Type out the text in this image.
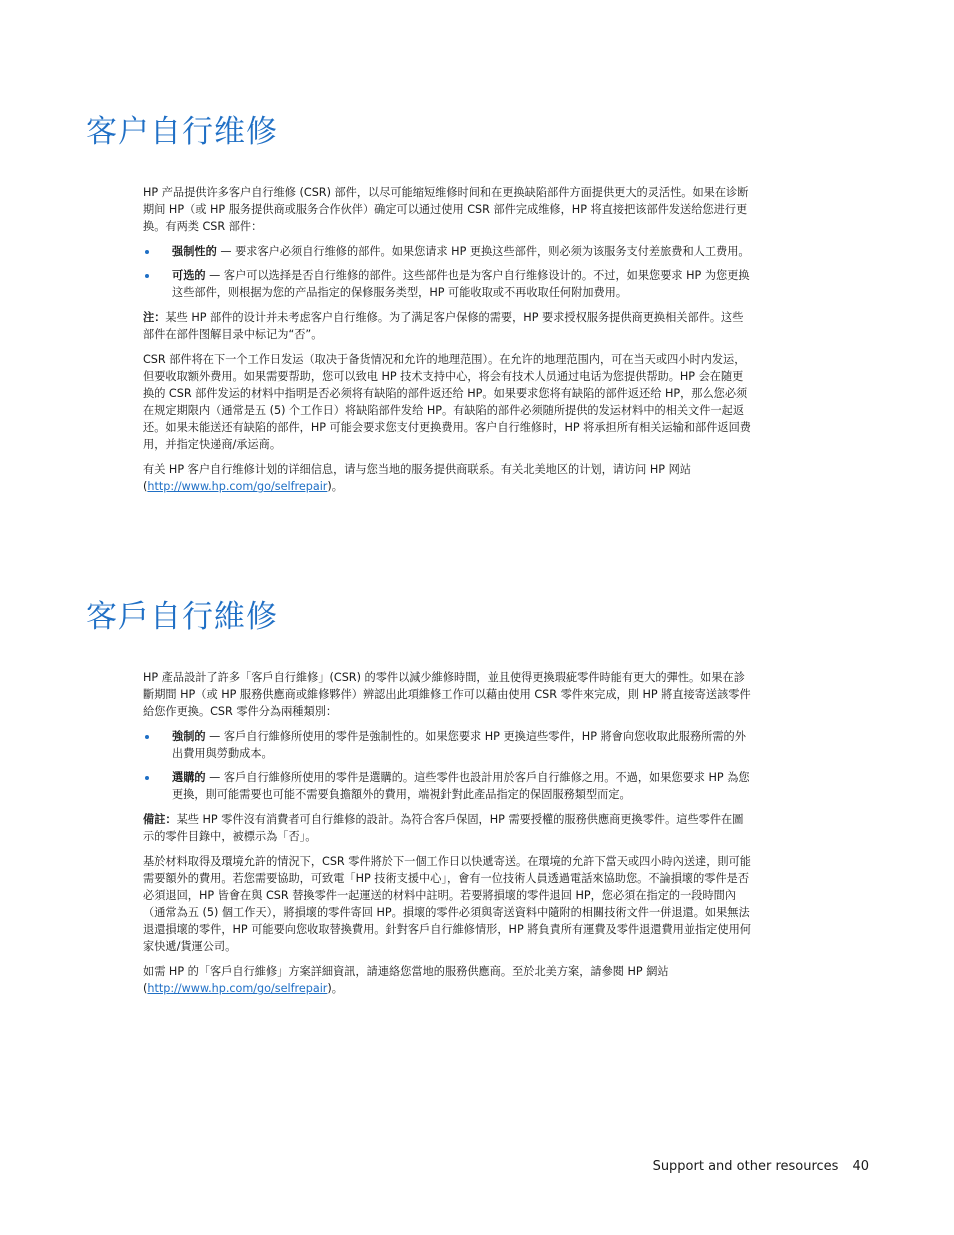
客户自行维修

HP 产品提供许多客户自行维修 (CSR) 部件，以尽可能缩短维修时间和在更换缺陷部件方面提供更大的灵活性。如果在诊断期间 HP（或 HP 服务提供商或服务合作伙伴）确定可以通过使用 CSR 部件完成维修，HP 将直接把该部件发送给您进行更换。有两类 CSR 部件：

强制性的 — 要求客户必须自行维修的部件。如果您请求 HP 更换这些部件，则必须为该服务支付差旅费和人工费用。
可选的 — 客户可以选择是否自行维修的部件。这些部件也是为客户自行维修设计的。不过，如果您要求 HP 为您更换这些部件，则根据为您的产品指定的保修服务类型，HP 可能收取或不再收取任何附加费用。

注：某些 HP 部件的设计并未考虑客户自行维修。为了满足客户保修的需要，HP 要求授权服务提供商更换相关部件。这些部件在部件图解目录中标记为“否”。

CSR 部件将在下一个工作日发运（取决于备货情况和允许的地理范围）。在允许的地理范围内，可在当天或四小时内发运，但要收取额外费用。如果需要帮助，您可以致电 HP 技术支持中心，将会有技术人员通过电话为您提供帮助。HP 会在随更换的 CSR 部件发运的材料中指明是否必须将有缺陷的部件返还给 HP。如果要求您将有缺陷的部件返还给 HP，那么您必须在规定期限内（通常是五 (5) 个工作日）将缺陷部件发给 HP。有缺陷的部件必须随所提供的发运材料中的相关文件一起返还。如果未能送还有缺陷的部件，HP 可能会要求您支付更换费用。客户自行维修时，HP 将承担所有相关运输和部件返回费用，并指定快递商/承运商。

有关 HP 客户自行维修计划的详细信息，请与您当地的服务提供商联系。有关北美地区的计划，请访问 HP 网站 (http://www.hp.com/go/selfrepair)。

客戶自行維修

HP 產品設計了許多「客戶自行維修」(CSR) 的零件以減少維修時間，並且使得更換瑕疵零件時能有更大的彈性。如果在診斷期間 HP（或 HP 服務供應商或維修夥伴）辨認出此項維修工作可以藉由使用 CSR 零件來完成，則 HP 將直接寄送該零件給您作更換。CSR 零件分為兩種類別：

強制的 — 客戶自行維修所使用的零件是強制性的。如果您要求 HP 更換這些零件，HP 將會向您收取此服務所需的外出費用與勞動成本。
選購的 — 客戶自行維修所使用的零件是選購的。這些零件也設計用於客戶自行維修之用。不過，如果您要求 HP 為您更換，則可能需要也可能不需要負擔額外的費用，端視針對此產品指定的保固服務類型而定。

備註：某些 HP 零件沒有消費者可自行維修的設計。為符合客戶保固，HP 需要授權的服務供應商更換零件。這些零件在圖示的零件目錄中，被標示為「否」。

基於材料取得及環境允許的情況下，CSR 零件將於下一個工作日以快遞寄送。在環境的允許下當天或四小時內送達，則可能需要額外的費用。若您需要協助，可致電「HP 技術支援中心」，會有一位技術人員透過電話來協助您。不論損壞的零件是否必須退回，HP 皆會在與 CSR 替換零件一起運送的材料中註明。若要將損壞的零件退回 HP，您必須在指定的一段時間內（通常為五 (5) 個工作天），將損壞的零件寄回 HP。損壞的零件必須與寄送資料中隨附的相關技術文件一併退還。如果無法退還損壞的零件，HP 可能要向您收取替換費用。針對客戶自行維修情形，HP 將負責所有運費及零件退還費用並指定使用何家快遞/貨運公司。

如需 HP 的「客戶自行維修」方案詳細資訊，請連絡您當地的服務供應商。至於北美方案，請參閱 HP 網站 (http://www.hp.com/go/selfrepair)。

Support and other resources 40
